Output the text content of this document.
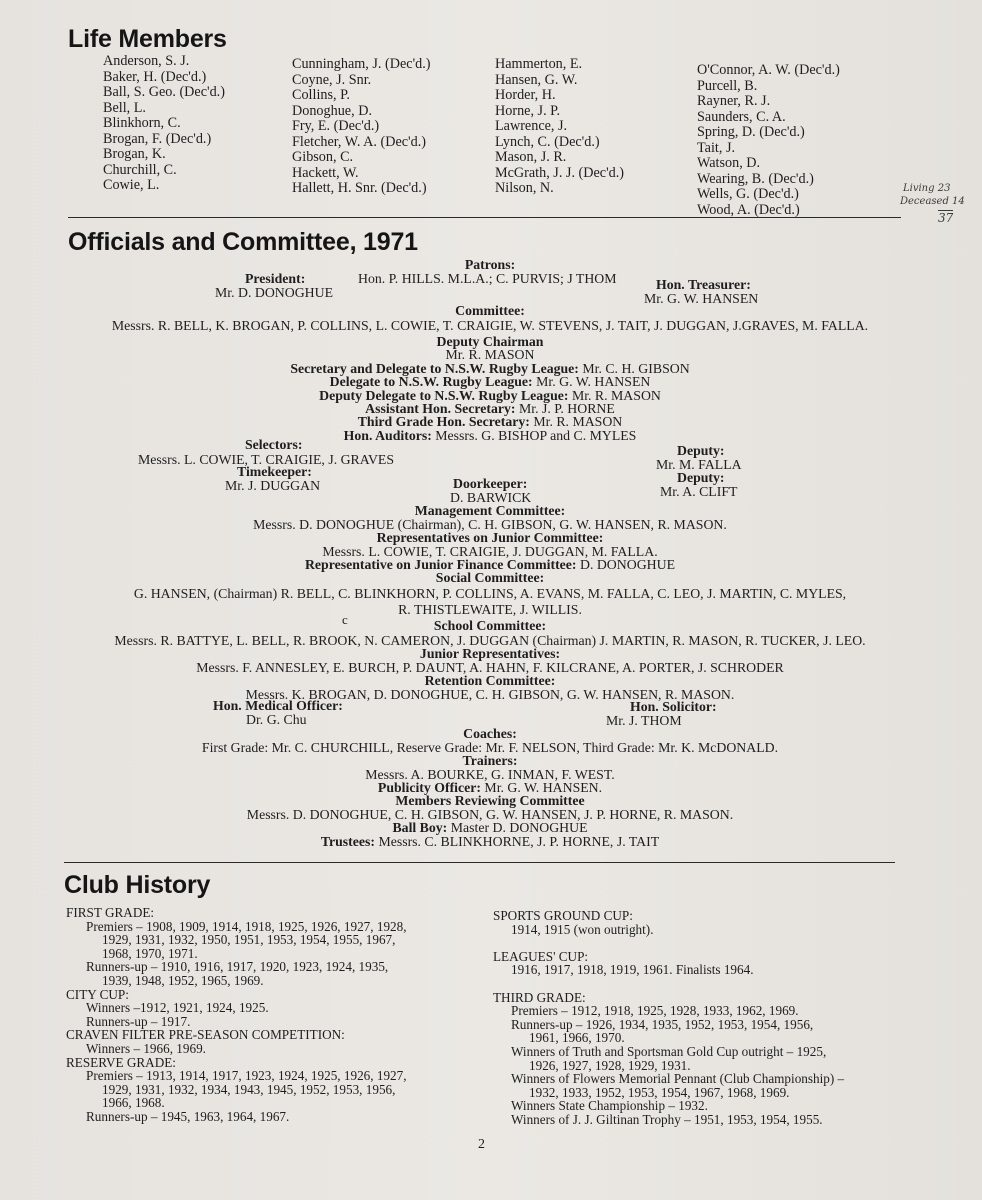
Life Members
Anderson, S. J.
Baker, H. (Dec'd.)
Ball, S. Geo. (Dec'd.)
Bell, L.
Blinkhorn, C.
Brogan, F. (Dec'd.)
Brogan, K.
Churchill, C.
Cowie, L.
Cunningham, J. (Dec'd.)
Coyne, J. Snr.
Collins, P.
Donoghue, D.
Fry, E. (Dec'd.)
Fletcher, W. A. (Dec'd.)
Gibson, C.
Hackett, W.
Hallett, H. Snr. (Dec'd.)
Hammerton, E.
Hansen, G. W.
Horder, H.
Horne, J. P.
Lawrence, J.
Lynch, C. (Dec'd.)
Mason, J. R.
McGrath, J. J. (Dec'd.)
Nilson, N.
O'Connor, A. W. (Dec'd.)
Purcell, B.
Rayner, R. J.
Saunders, C. A.
Spring, D. (Dec'd.)
Tait, J.
Watson, D.
Wearing, B. (Dec'd.)
Wells, G. (Dec'd.)
Wood, A. (Dec'd.)
Living 23
Deceased 14
37
Officials and Committee, 1971
Patrons:
Hon. P. HILLS. M.L.A.; C. PURVIS; J THOM
President:
Mr. D. DONOGHUE
Hon. Treasurer:
Mr. G. W. HANSEN
Committee:
Messrs. R. BELL, K. BROGAN, P. COLLINS, L. COWIE, T. CRAIGIE, W. STEVENS, J. TAIT, J. DUGGAN, J.GRAVES, M. FALLA.
Deputy Chairman
Mr. R. MASON
Secretary and Delegate to N.S.W. Rugby League: Mr. C. H. GIBSON
Delegate to N.S.W. Rugby League: Mr. G. W. HANSEN
Deputy Delegate to N.S.W. Rugby League: Mr. R. MASON
Assistant Hon. Secretary: Mr. J. P. HORNE
Third Grade Hon. Secretary: Mr. R. MASON
Hon. Auditors: Messrs. G. BISHOP and C. MYLES
Selectors:
Messrs. L. COWIE, T. CRAIGIE, J. GRAVES
Deputy:
Mr. M. FALLA
Timekeeper:
Mr. J. DUGGAN	Doorkeeper:
D. BARWICK
Deputy:
Mr. A. CLIFT
Management Committee:
Messrs. D. DONOGHUE (Chairman), C. H. GIBSON, G. W. HANSEN, R. MASON.
Representatives on Junior Committee:
Messrs. L. COWIE, T. CRAIGIE, J. DUGGAN, M. FALLA.
Representative on Junior Finance Committee: D. DONOGHUE
Social Committee:
G. HANSEN, (Chairman) R. BELL, C. BLINKHORN, P. COLLINS, A. EVANS, M. FALLA, C. LEO, J. MARTIN, C. MYLES,
R. THISTLEWAITE, J. WILLIS.
c	School Committee:
Messrs. R. BATTYE, L. BELL, R. BROOK, N. CAMERON, J. DUGGAN (Chairman) J. MARTIN, R. MASON, R. TUCKER, J. LEO.
Junior Representatives:
Messrs. F. ANNESLEY, E. BURCH, P. DAUNT, A. HAHN, F. KILCRANE, A. PORTER, J. SCHRODER
Retention Committee:
Messrs. K. BROGAN, D. DONOGHUE, C. H. GIBSON, G. W. HANSEN, R. MASON.
Hon. Medical Officer:
Dr. G. Chu
Hon. Solicitor:
Mr. J. THOM
Coaches:
First Grade: Mr. C. CHURCHILL, Reserve Grade: Mr. F. NELSON, Third Grade: Mr. K. McDONALD.
Trainers:
Messrs. A. BOURKE, G. INMAN, F. WEST.
Publicity Officer: Mr. G. W. HANSEN.
Members Reviewing Committee
Messrs. D. DONOGHUE, C. H. GIBSON, G. W. HANSEN, J. P. HORNE, R. MASON.
Ball Boy: Master D. DONOGHUE
Trustees: Messrs. C. BLINKHORNE, J. P. HORNE, J. TAIT
Club History
FIRST GRADE:
Premiers – 1908, 1909, 1914, 1918, 1925, 1926, 1927, 1928,
1929, 1931, 1932, 1950, 1951, 1953, 1954, 1955, 1967,
1968, 1970, 1971.
Runners-up – 1910, 1916, 1917, 1920, 1923, 1924, 1935,
1939, 1948, 1952, 1965, 1969.
CITY CUP:
Winners –1912, 1921, 1924, 1925.
Runners-up – 1917.
CRAVEN FILTER PRE-SEASON COMPETITION:
Winners – 1966, 1969.
RESERVE GRADE:
Premiers – 1913, 1914, 1917, 1923, 1924, 1925, 1926, 1927,
1929, 1931, 1932, 1934, 1943, 1945, 1952, 1953, 1956,
1966, 1968.
Runners-up – 1945, 1963, 1964, 1967.
SPORTS GROUND CUP:
1914, 1915 (won outright).
LEAGUES' CUP:
1916, 1917, 1918, 1919, 1961. Finalists 1964.
THIRD GRADE:
Premiers – 1912, 1918, 1925, 1928, 1933, 1962, 1969.
Runners-up – 1926, 1934, 1935, 1952, 1953, 1954, 1956,
1961, 1966, 1970.
Winners of Truth and Sportsman Gold Cup outright – 1925,
1926, 1927, 1928, 1929, 1931.
Winners of Flowers Memorial Pennant (Club Championship) –
1932, 1933, 1952, 1953, 1954, 1967, 1968, 1969.
Winners State Championship – 1932.
Winners of J. J. Giltinan Trophy – 1951, 1953, 1954, 1955.
2
